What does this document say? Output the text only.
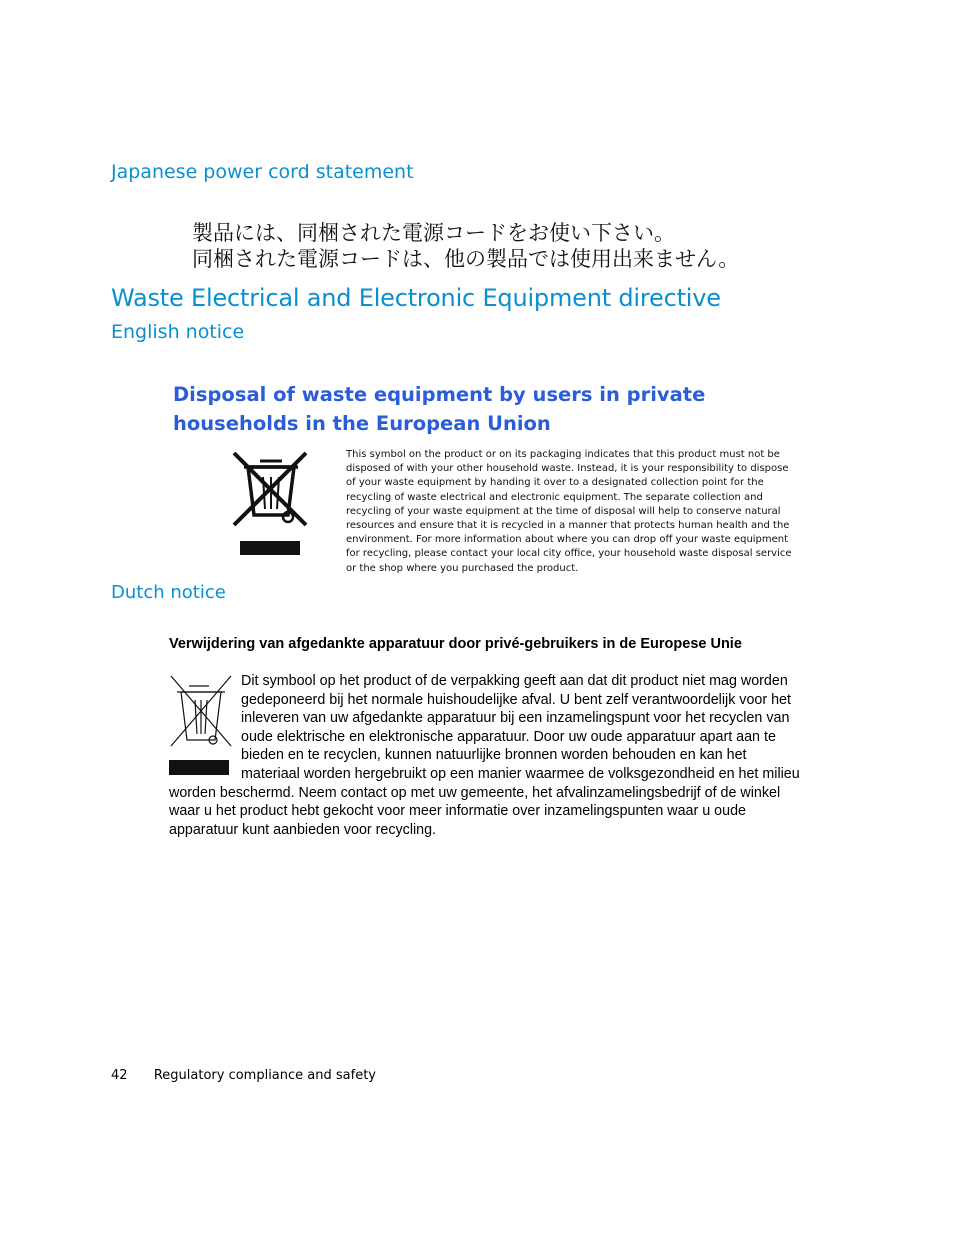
Japanese power cord statement
製品には、同梱された電源コードをお使い下さい。
同梱された電源コードは、他の製品では使用出来ません。
Waste Electrical and Electronic Equipment directive
English notice
Disposal of waste equipment by users in private households in the European Union
This symbol on the product or on its packaging indicates that this product must not be
disposed of with your other household waste. Instead, it is your responsibility to dispose
of your waste equipment by handing it over to a designated collection point for the
recycling of waste electrical and electronic equipment. The separate collection and
recycling of your waste equipment at the time of disposal will help to conserve natural
resources and ensure that it is recycled in a manner that protects human health and the
environment. For more information about where you can drop off your waste equipment
for recycling, please contact your local city office, your household waste disposal service
or the shop where you purchased the product.
Dutch notice
Verwijdering van afgedankte apparatuur door privé-gebruikers in de Europese Unie

Dit symbool op het product of de verpakking geeft aan dat dit product niet mag worden gedeponeerd bij het normale huishoudelijke afval. U bent zelf verantwoordelijk voor het inleveren van uw afgedankte apparatuur bij een inzamelingspunt voor het recyclen van oude elektrische en elektronische apparatuur. Door uw oude apparatuur apart aan te bieden en te recyclen, kunnen natuurlijke bronnen worden behouden en kan het materiaal worden hergebruikt op een manier waarmee de volksgezondheid en het milieu worden beschermd. Neem contact op met uw gemeente, het afvalinzamelingsbedrijf of de winkel waar u het product hebt gekocht voor meer informatie over inzamelingspunten waar u oude apparatuur kunt aanbieden voor recycling.

42 Regulatory compliance and safety
